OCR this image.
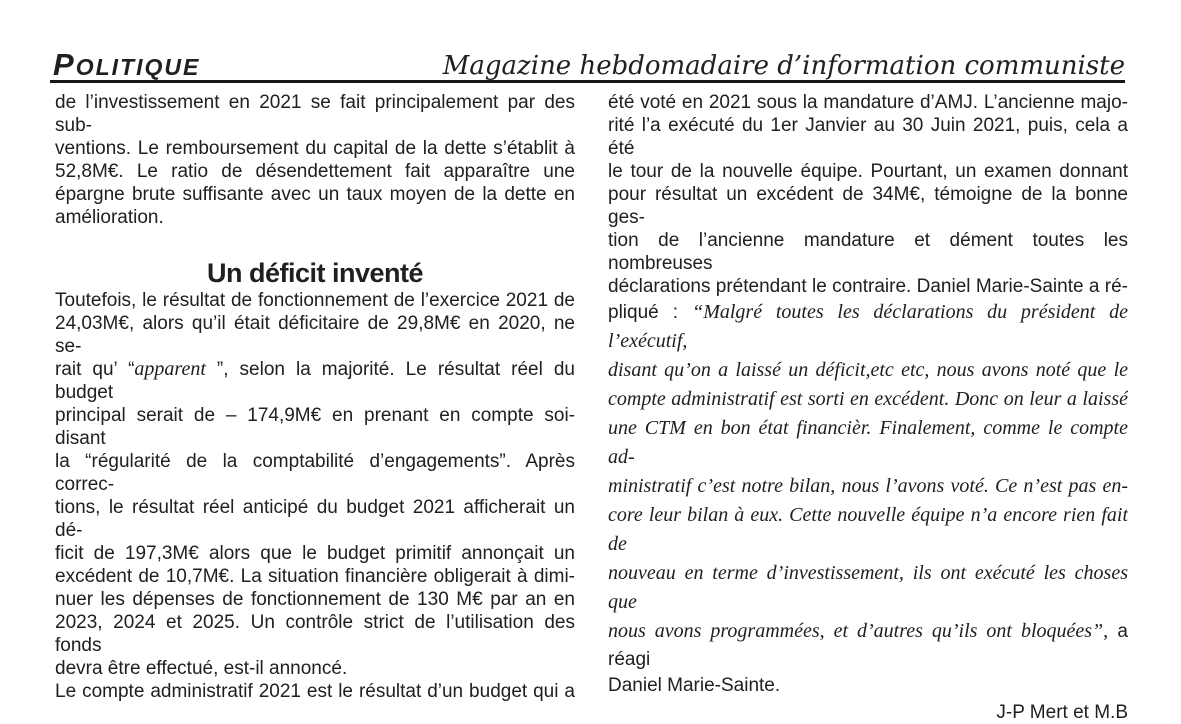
POLITIQUE	Magazine hebdomadaire d’information communiste
de l’investissement en 2021 se fait principalement par des sub-
ventions. Le remboursement du capital de la dette s’établit à
52,8M€. Le ratio de désendettement fait apparaître une
épargne brute suffisante avec un taux moyen de la dette en
amélioration.
Un déficit inventé
Toutefois, le résultat de fonctionnement de l’exercice 2021 de
24,03M€, alors qu’il était déficitaire de 29,8M€ en 2020, ne se-
rait qu’ “apparent ”, selon la majorité. Le résultat réel du budget
principal serait de – 174,9M€ en prenant en compte soi-disant
la “régularité de la comptabilité d’engagements”. Après correc-
tions, le résultat réel anticipé du budget 2021 afficherait un dé-
ficit de 197,3M€ alors que le budget primitif annonçait un
excédent de 10,7M€. La situation financière obligerait à dimi-
nuer les dépenses de fonctionnement de 130 M€ par an en
2023, 2024 et 2025. Un contrôle strict de l’utilisation des fonds
devra être effectué, est-il annoncé.
Le compte administratif 2021 est le résultat d’un budget qui a
été voté en 2021 sous la mandature d’AMJ. L’ancienne majo-
rité l’a exécuté du 1er Janvier au 30 Juin 2021, puis, cela a été
le tour de la nouvelle équipe. Pourtant, un examen donnant
pour résultat un excédent de 34M€, témoigne de la bonne ges-
tion de l’ancienne mandature et dément toutes les nombreuses
déclarations prétendant le contraire. Daniel Marie-Sainte a ré-
pliqué : “Malgré toutes les déclarations du président de l’exécutif,
disant qu’on a laissé un déficit,etc etc, nous avons noté que le
compte administratif est sorti en excédent. Donc on leur a laissé
une CTM en bon état financièr. Finalement, comme le compte ad-
ministratif c’est notre bilan, nous l’avons voté. Ce n’est pas en-
core leur bilan à eux. Cette nouvelle équipe n’a encore rien fait de
nouveau en terme d’investissement, ils ont exécuté les choses que
nous avons programmées, et d’autres qu’ils ont bloquées”, a réagi
Daniel Marie-Sainte.
J-P Mert et M.B
